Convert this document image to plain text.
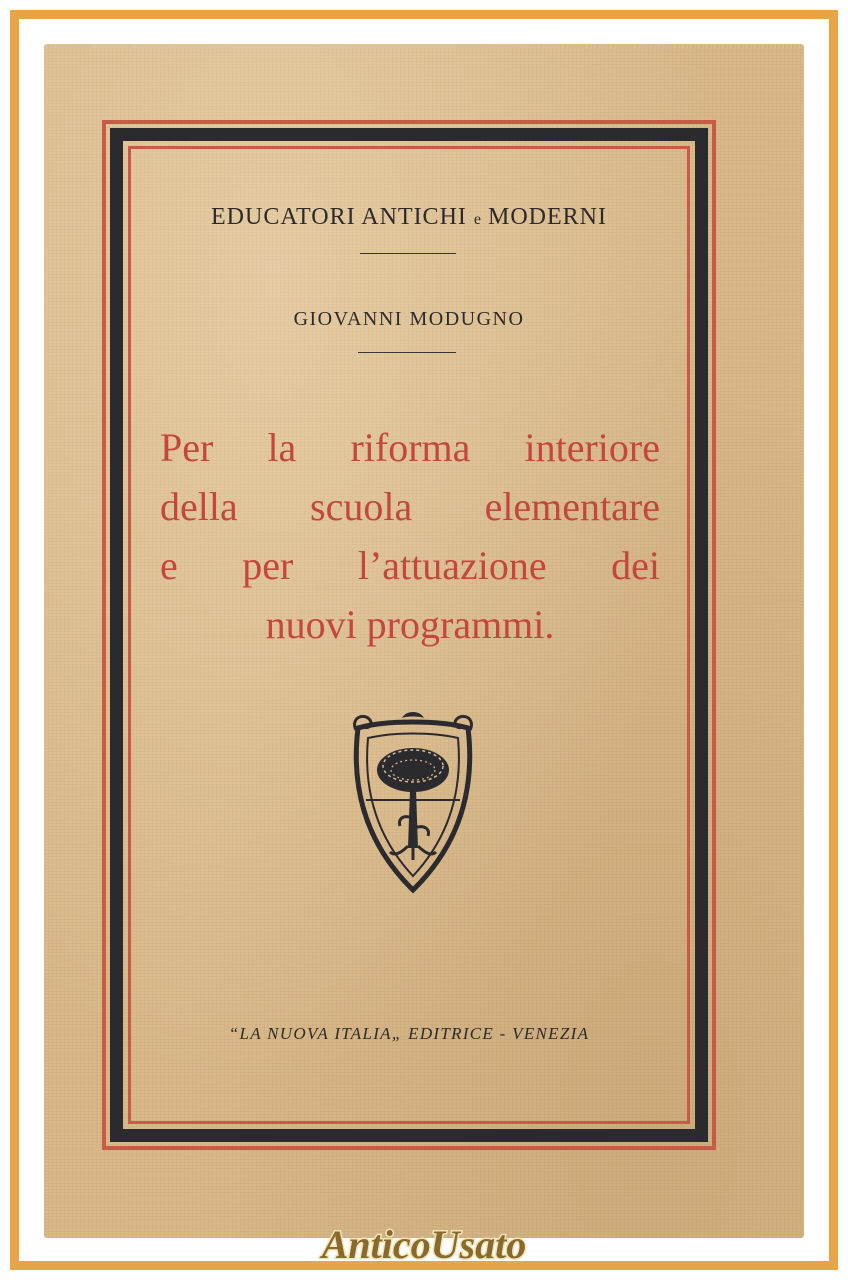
EDUCATORI ANTICHI e MODERNI
GIOVANNI MODUGNO
Per la riforma interiore
della scuola elementare
e per l’attuazione dei
nuovi programmi.
“LA NUOVA ITALIA„ EDITRICE - VENEZIA
AnticoUsato
